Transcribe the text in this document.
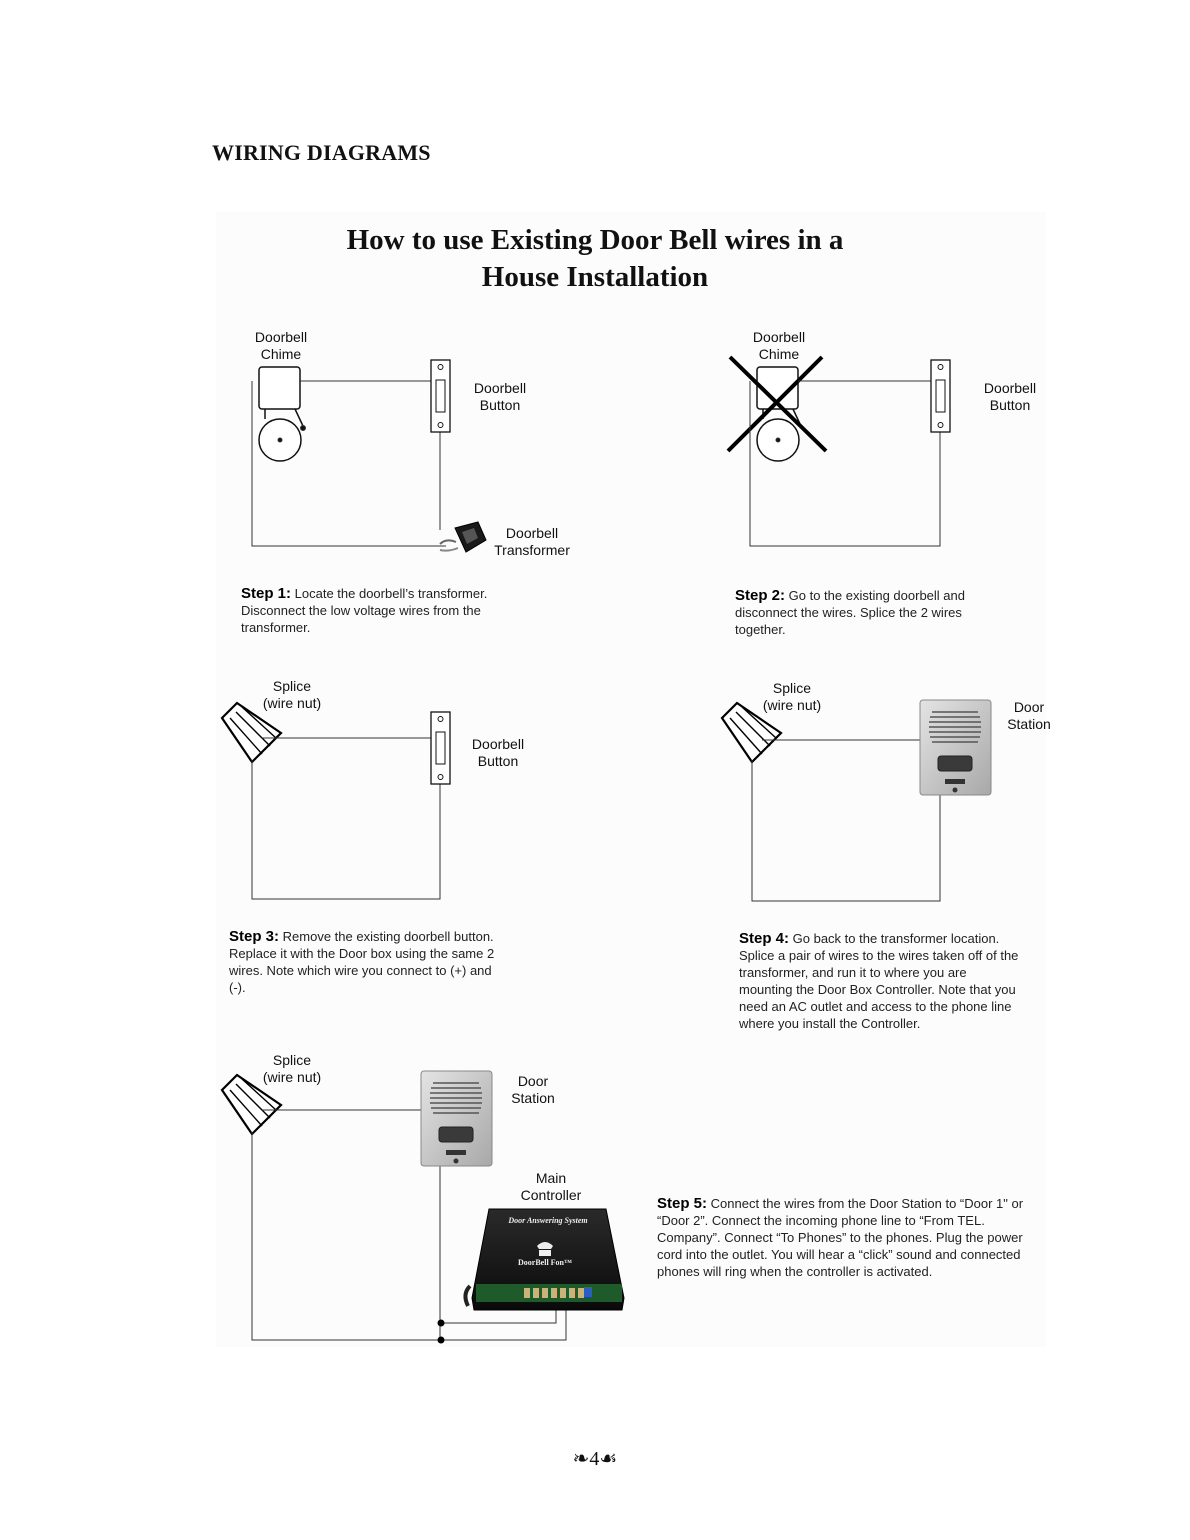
WIRING DIAGRAMS
How to use Existing Door Bell wires in a
House Installation
Doorbell
Chime
Doorbell
Button
Doorbell
Transformer
Doorbell
Chime
Doorbell
Button
Splice
(wire nut)
Doorbell
Button
Splice
(wire nut)	Door
Station
Splice
(wire nut)	Door
Station
Main
Controller
Door Answering System
DoorBell Fon™
Step 1: Locate the doorbell’s transformer. Disconnect the low voltage wires from the transformer.
Step 2: Go to the existing doorbell and disconnect the wires. Splice the 2 wires together.
Step 3: Remove the existing doorbell button. Replace it with the Door box using the same 2 wires. Note which wire you connect to (+) and (-).
Step 4: Go back to the transformer location. Splice a pair of wires to the wires taken off of the transformer, and run it to where you are mounting the Door Box Controller. Note that you need an AC outlet and access to the phone line where you install the Controller.
Step 5: Connect the wires from the Door Station to “Door 1" or “Door 2”. Connect the incoming phone line to “From TEL. Company”. Connect “To Phones” to the phones. Plug the power cord into the outlet. You will hear a “click” sound and connected phones will ring when the controller is activated.
❧4☙
